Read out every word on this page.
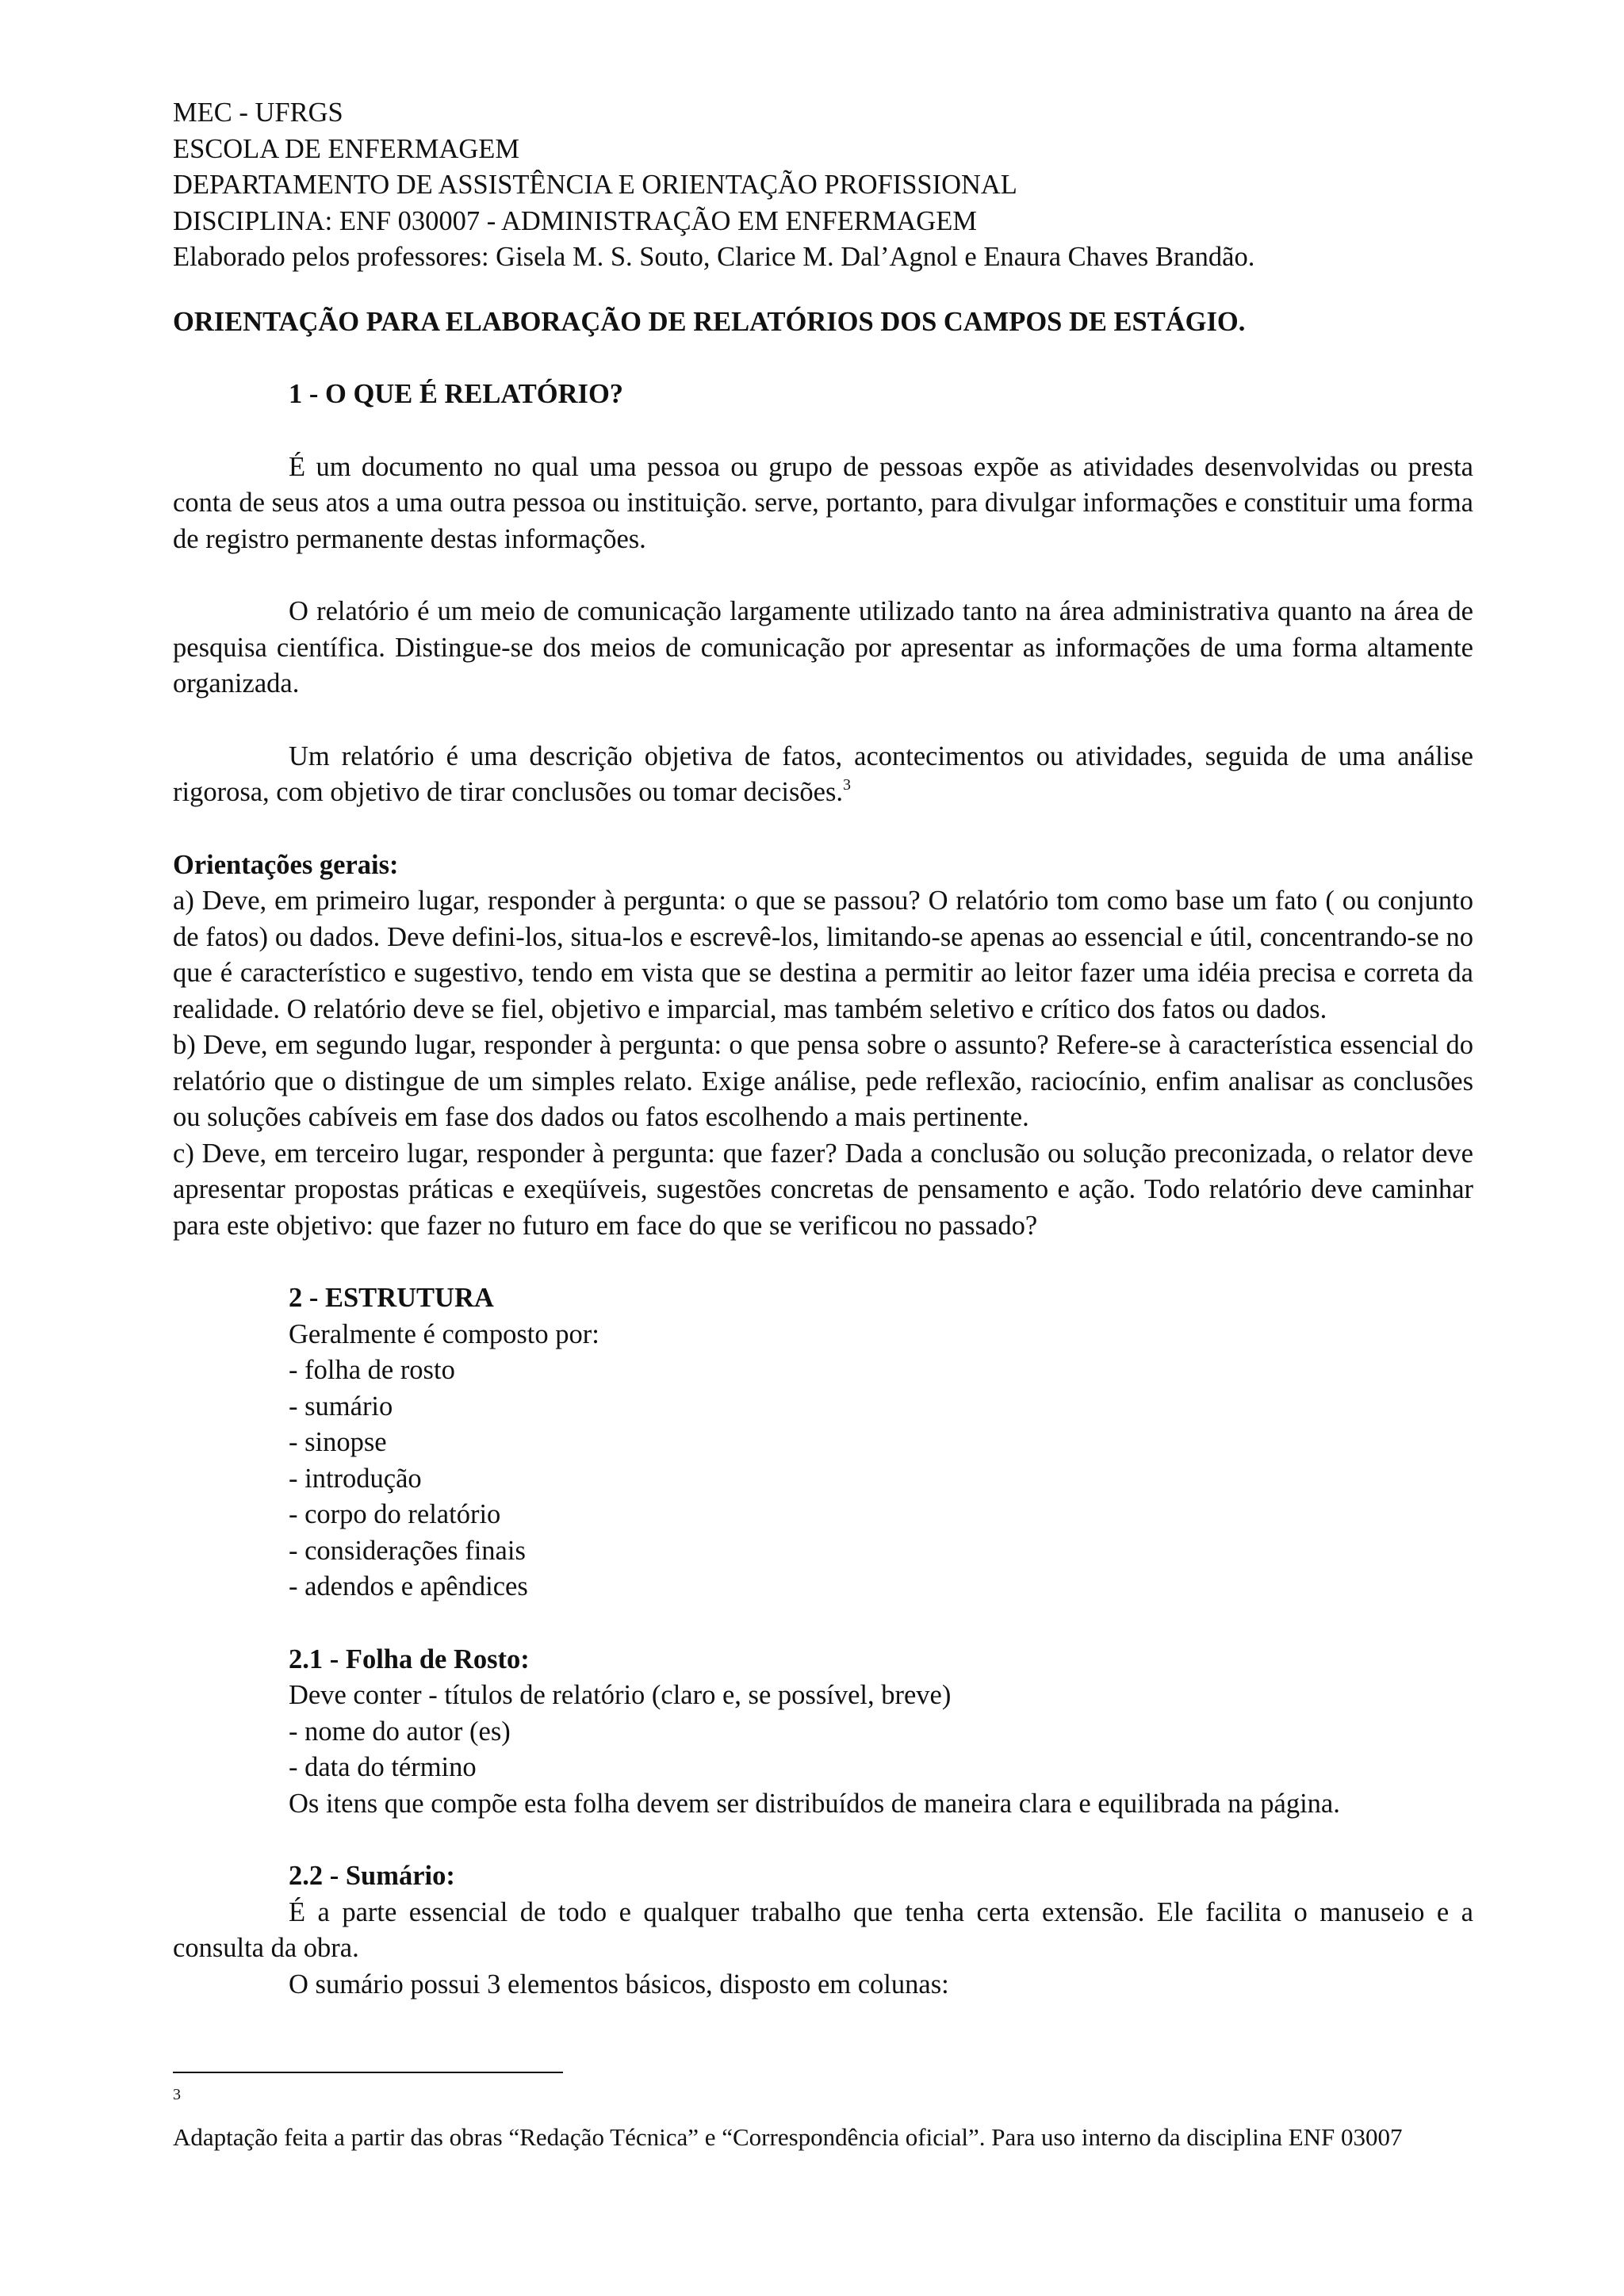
MEC - UFRGS
ESCOLA DE ENFERMAGEM
DEPARTAMENTO DE ASSISTÊNCIA E ORIENTAÇÃO PROFISSIONAL
DISCIPLINA: ENF 030007 - ADMINISTRAÇÃO EM ENFERMAGEM
Elaborado pelos professores: Gisela M. S. Souto, Clarice M. Dal’Agnol e Enaura Chaves Brandão.
ORIENTAÇÃO PARA ELABORAÇÃO DE RELATÓRIOS DOS CAMPOS DE ESTÁGIO.
1 - O QUE É RELATÓRIO?
É um documento no qual uma pessoa ou grupo de pessoas expõe as atividades desenvolvidas ou presta conta de seus atos a uma outra pessoa ou instituição. serve, portanto, para divulgar informações e constituir uma forma de registro permanente destas informações.
O relatório é um meio de comunicação largamente utilizado tanto na área administrativa quanto na área de pesquisa científica. Distingue-se dos meios de comunicação por apresentar as informações de uma forma altamente organizada.
Um relatório é uma descrição objetiva de fatos, acontecimentos ou atividades, seguida de uma análise rigorosa, com objetivo de tirar conclusões ou tomar decisões.$^3$
Orientações gerais:
a) Deve, em primeiro lugar, responder à pergunta: o que se passou? O relatório tom como base um fato ( ou conjunto de fatos) ou dados. Deve defini-los, situa-los e escrevê-los, limitando-se apenas ao essencial e útil, concentrando-se no que é característico e sugestivo, tendo em vista que se destina a permitir ao leitor fazer uma idéia precisa e correta da realidade. O relatório deve se fiel, objetivo e imparcial, mas também seletivo e crítico dos fatos ou dados.
b) Deve, em segundo lugar, responder à pergunta: o que pensa sobre o assunto? Refere-se à característica essencial do relatório que o distingue de um simples relato. Exige análise, pede reflexão, raciocínio, enfim analisar as conclusões ou soluções cabíveis em fase dos dados ou fatos escolhendo a mais pertinente.
c) Deve, em terceiro lugar, responder à pergunta: que fazer? Dada a conclusão ou solução preconizada, o relator deve apresentar propostas práticas e exeqüíveis, sugestões concretas de pensamento e ação. Todo relatório deve caminhar para este objetivo: que fazer no futuro em face do que se verificou no passado?
2 - ESTRUTURA
Geralmente é composto por:
- folha de rosto
- sumário
- sinopse
- introdução
- corpo do relatório
- considerações finais
- adendos e apêndices
2.1 - Folha de Rosto:
Deve conter - títulos de relatório (claro e, se possível, breve)
- nome do autor (es)
- data do término
Os itens que compõe esta folha devem ser distribuídos de maneira clara e equilibrada na página.
2.2 - Sumário:
É a parte essencial de todo e qualquer trabalho que tenha certa extensão. Ele facilita o manuseio e a consulta da obra.
O sumário possui 3 elementos básicos, disposto em colunas:
3
Adaptação feita a partir das obras “Redação Técnica” e “Correspondência oficial”. Para uso interno da disciplina ENF 03007
